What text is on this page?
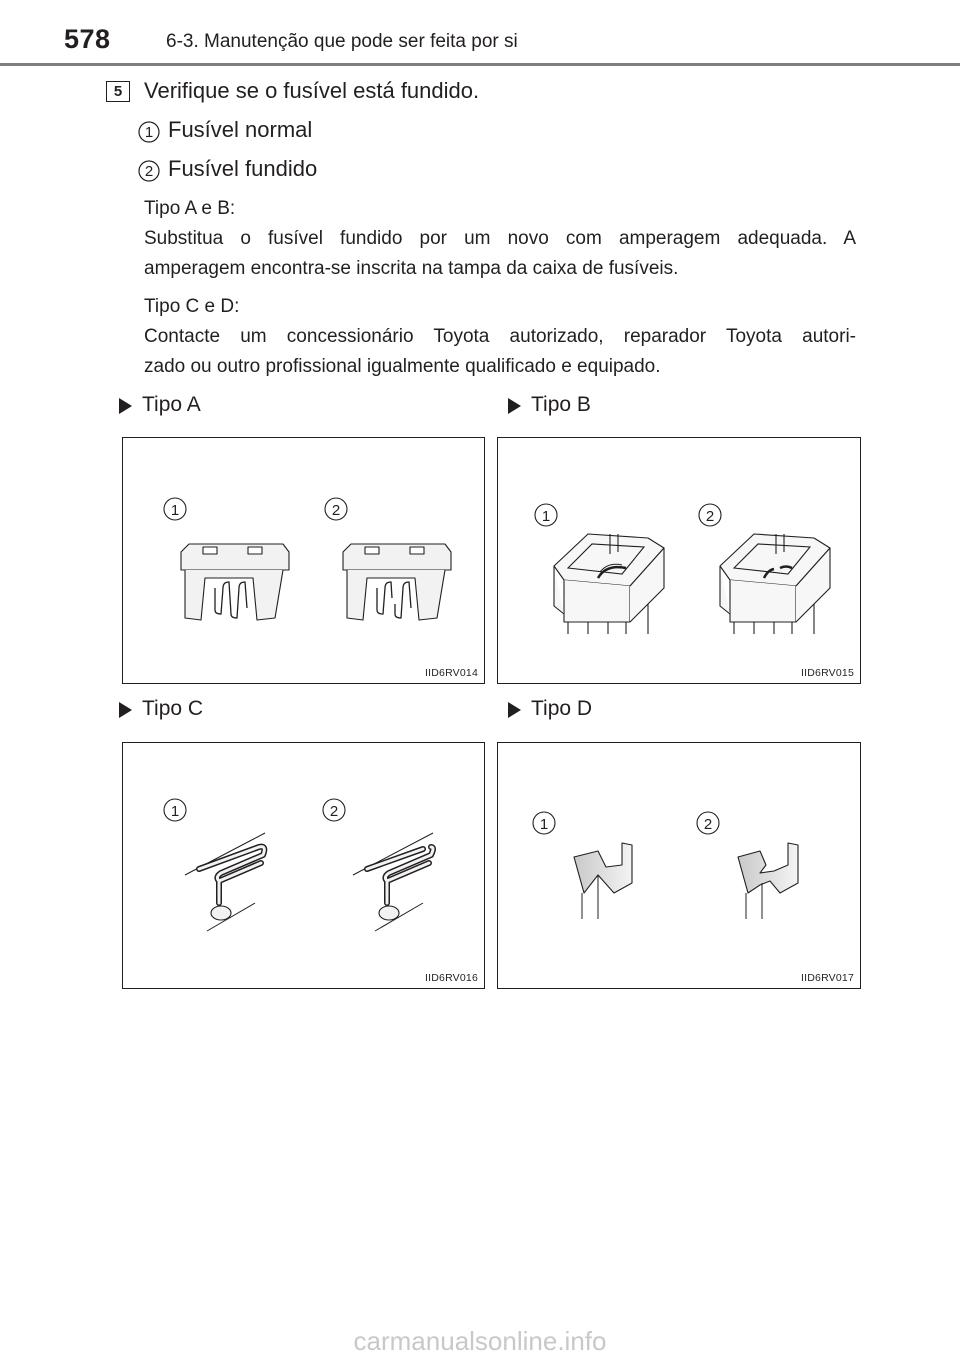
578	6-3. Manutenção que pode ser feita por si
5 Verifique se o fusível está fundido.
1 Fusível normal
2 Fusível fundido
Tipo A e B:
Substitua o fusível fundido por um novo com amperagem adequada. A
amperagem encontra-se inscrita na tampa da caixa de fusíveis.
Tipo C e D:
Contacte um concessionário Toyota autorizado, reparador Toyota autori-
zado ou outro profissional igualmente qualificado e equipado.
Tipo A	Tipo B
Tipo C	Tipo D
1	2
IID6RV014
1	2
IID6RV015
1	2
IID6RV016
1	2
IID6RV017
carmanualsonline.info
